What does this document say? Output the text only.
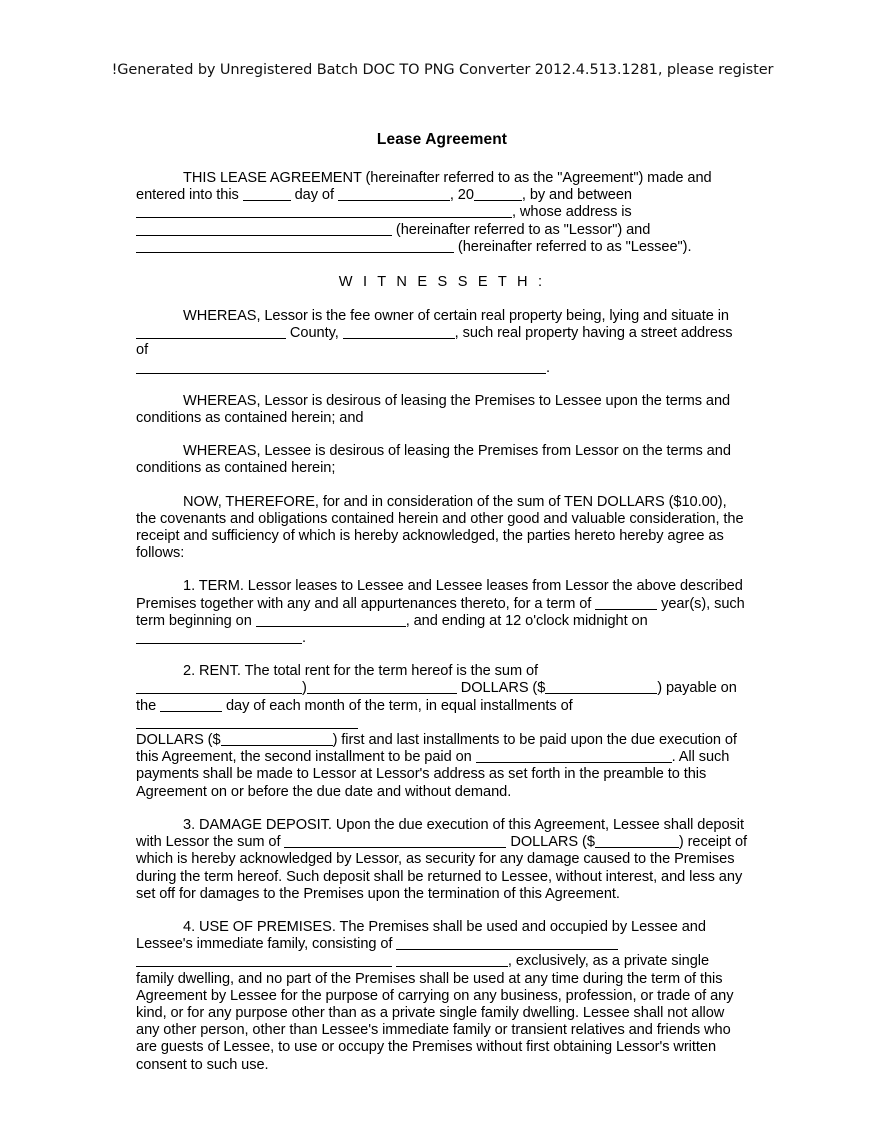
!Generated by Unregistered Batch DOC TO PNG Converter 2012.4.513.1281, please register
Lease Agreement

THIS LEASE AGREEMENT (hereinafter referred to as the "Agreement") made and entered into this	day of	, 20	, by and between
, whose address is
(hereinafter referred to as "Lessor") and
(hereinafter referred to as "Lessee").

W I T N E S S E T H :

WHEREAS, Lessor is the fee owner of certain real property being, lying and situate in  County,	, such real property having a street address of
.

WHEREAS, Lessor is desirous of leasing the Premises to Lessee upon the terms and conditions as contained herein; and

WHEREAS, Lessee is desirous of leasing the Premises from Lessor on the terms and conditions as contained herein;

NOW, THEREFORE, for and in consideration of the sum of TEN DOLLARS ($10.00), the covenants and obligations contained herein and other good and valuable consideration, the receipt and sufficiency of which is hereby acknowledged, the parties hereto hereby agree as follows:

1. TERM. Lessor leases to Lessee and Lessee leases from Lessor the above described Premises together with any and all appurtenances thereto, for a term of	year(s), such term beginning on	, and ending at 12 o'clock midnight on
.

2. RENT. The total rent for the term hereof is the sum of
)	DOLLARS ($	) payable on the	day of each month of the term, in equal installments of
DOLLARS ($	) first and last installments to be paid upon the due execution of this Agreement, the second installment to be paid on	. All such payments shall be made to Lessor at Lessor's address as set forth in the preamble to this Agreement on or before the due date and without demand.

3. DAMAGE DEPOSIT. Upon the due execution of this Agreement, Lessee shall deposit with Lessor the sum of	DOLLARS ($	) receipt of which is hereby acknowledged by Lessor, as security for any damage caused to the Premises during the term hereof. Such deposit shall be returned to Lessee, without interest, and less any set off for damages to the Premises upon the termination of this Agreement.

4. USE OF PREMISES. The Premises shall be used and occupied by Lessee and Lessee's immediate family, consisting of
, exclusively, as a private single family dwelling, and no part of the Premises shall be used at any time during the term of this Agreement by Lessee for the purpose of carrying on any business, profession, or trade of any kind, or for any purpose other than as a private single family dwelling. Lessee shall not allow any other person, other than Lessee's immediate family or transient relatives and friends who are guests of Lessee, to use or occupy the Premises without first obtaining Lessor's written consent to such use.
